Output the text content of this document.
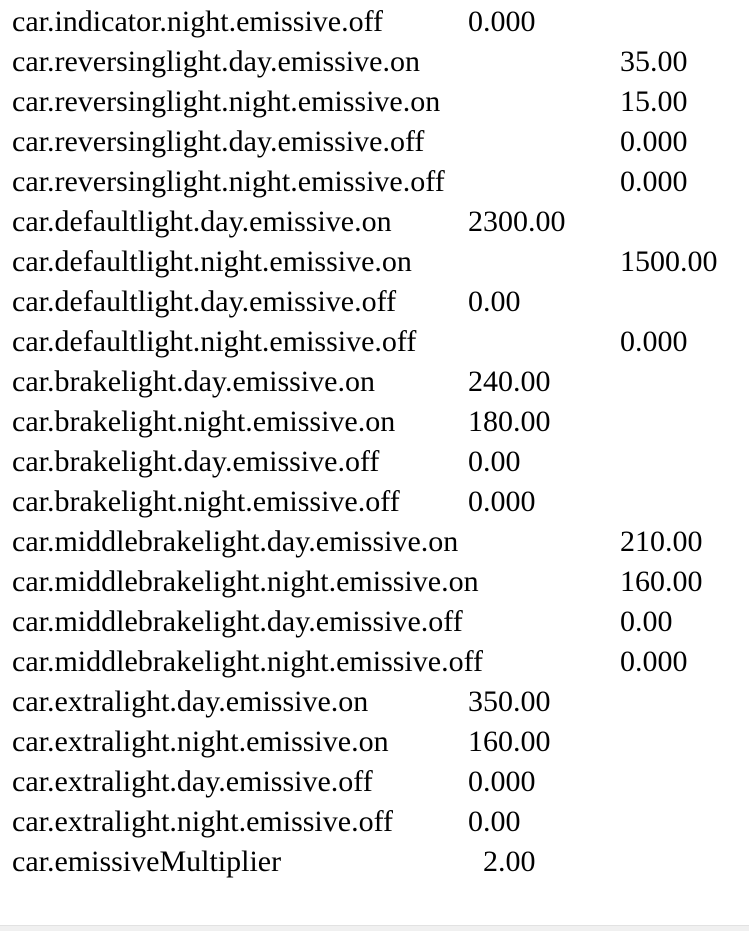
car.indicator.night.emissive.off	0.000
car.reversinglight.day.emissive.on	35.00
car.reversinglight.night.emissive.on	15.00
car.reversinglight.day.emissive.off	0.000
car.reversinglight.night.emissive.off	0.000
car.defaultlight.day.emissive.on	2300.00
car.defaultlight.night.emissive.on	1500.00
car.defaultlight.day.emissive.off 0.00
car.defaultlight.night.emissive.off	0.000
car.brakelight.day.emissive.on	240.00
car.brakelight.night.emissive.on 180.00
car.brakelight.day.emissive.off	0.00
car.brakelight.night.emissive.off 0.000
car.middlebrakelight.day.emissive.on	210.00
car.middlebrakelight.night.emissive.on	160.00
car.middlebrakelight.day.emissive.off	0.00
car.middlebrakelight.night.emissive.off	0.000
car.extralight.day.emissive.on	350.00
car.extralight.night.emissive.on	160.00
car.extralight.day.emissive.off	0.000
car.extralight.night.emissive.off 0.00
car.emissiveMultiplier	2.00
